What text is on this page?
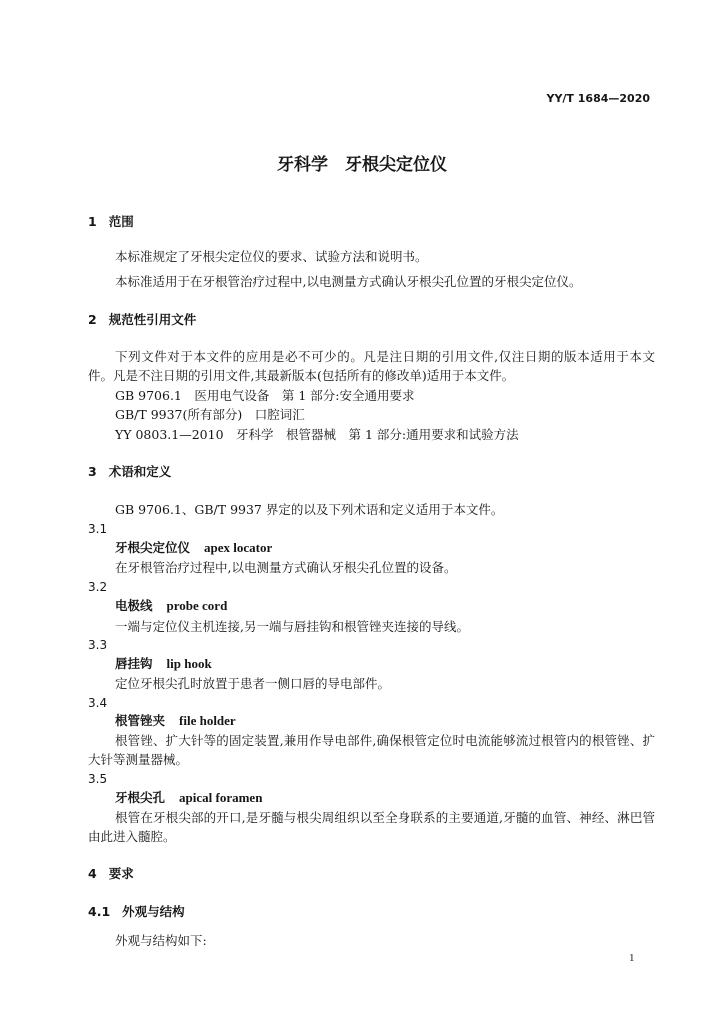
YY/T 1684—2020
牙科学　牙根尖定位仪
1 范围
本标准规定了牙根尖定位仪的要求、试验方法和说明书。
本标准适用于在牙根管治疗过程中,以电测量方式确认牙根尖孔位置的牙根尖定位仪。
2 规范性引用文件
下列文件对于本文件的应用是必不可少的。凡是注日期的引用文件,仅注日期的版本适用于本文
件。凡是不注日期的引用文件,其最新版本(包括所有的修改单)适用于本文件。
GB 9706.1　医用电气设备　第 1 部分:安全通用要求
GB/T 9937(所有部分)　口腔词汇
YY 0803.1—2010　牙科学　根管器械　第 1 部分:通用要求和试验方法
3 术语和定义
GB 9706.1、GB/T 9937 界定的以及下列术语和定义适用于本文件。
3.1
牙根尖定位仪 apex locator
在牙根管治疗过程中,以电测量方式确认牙根尖孔位置的设备。
3.2
电极线 probe cord
一端与定位仪主机连接,另一端与唇挂钩和根管锉夹连接的导线。
3.3
唇挂钩 lip hook
定位牙根尖孔时放置于患者一侧口唇的导电部件。
3.4
根管锉夹 file holder
根管锉、扩大针等的固定装置,兼用作导电部件,确保根管定位时电流能够流过根管内的根管锉、扩
大针等测量器械。
3.5
牙根尖孔 apical foramen
根管在牙根尖部的开口,是牙髓与根尖周组织以至全身联系的主要通道,牙髓的血管、神经、淋巴管
由此进入髓腔。
4 要求
4.1 外观与结构
外观与结构如下:
1
